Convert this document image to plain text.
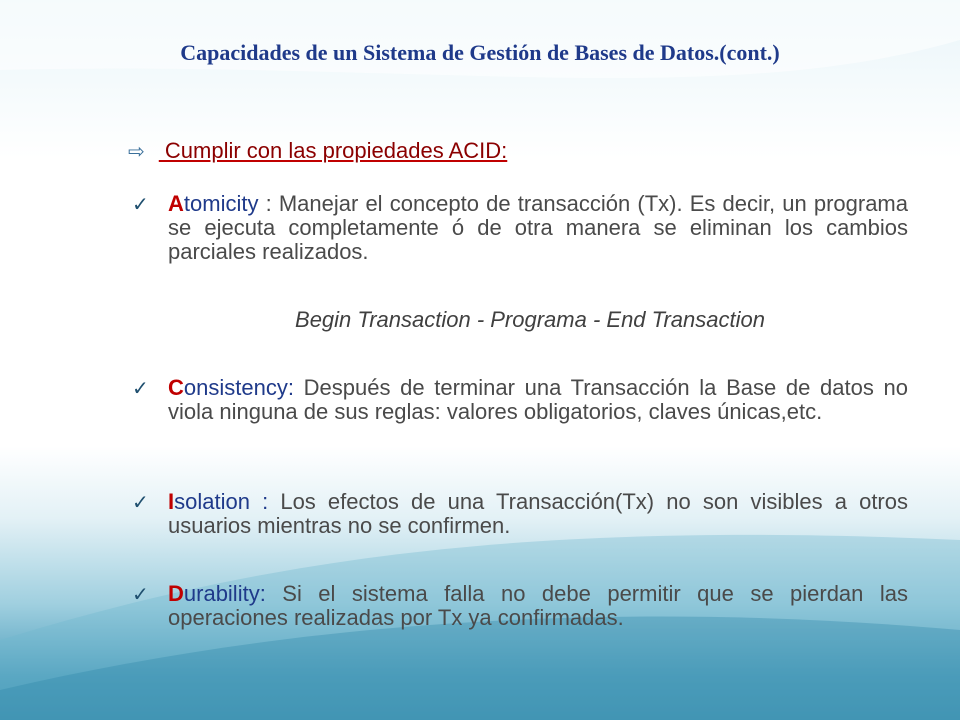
Capacidades de un Sistema de Gestión de Bases de Datos.(cont.)
⇨ Cumplir con las propiedades ACID:
✓ Atomicity : Manejar el concepto de transacción (Tx). Es decir, un programa se ejecuta completamente ó de otra manera se eliminan los cambios parciales realizados.
Begin Transaction - Programa - End Transaction
✓ Consistency: Después de terminar una Transacción la Base de datos no viola ninguna de sus reglas: valores obligatorios, claves únicas,etc.
✓ Isolation : Los efectos de una Transacción(Tx) no son visibles a otros usuarios mientras no se confirmen.
✓ Durability: Si el sistema falla no debe permitir que se pierdan las operaciones realizadas por Tx ya confirmadas.
